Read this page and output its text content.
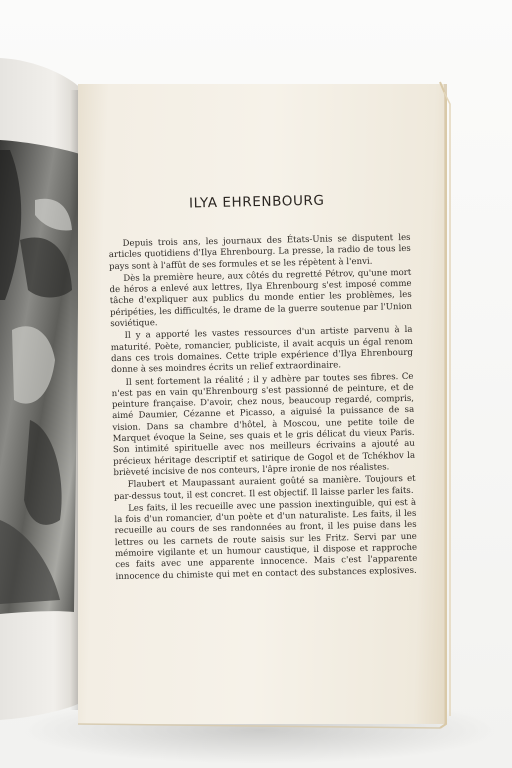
ILYA EHRENBOURG

Depuis trois ans, les journaux des États-Unis se disputent les articles quotidiens d'Ilya Ehrenbourg. La presse, la radio de tous les pays sont à l'affût de ses formules et se les répètent à l'envi.

Dès la première heure, aux côtés du regretté Pétrov, qu'une mort de héros a enlevé aux lettres, Ilya Ehrenbourg s'est imposé comme tâche d'expliquer aux publics du monde entier les problèmes, les péripéties, les difficultés, le drame de la guerre soutenue par l'Union soviétique.

Il y a apporté les vastes ressources d'un artiste parvenu à la maturité. Poète, romancier, publiciste, il avait acquis un égal renom dans ces trois domaines. Cette triple expérience d'Ilya Ehrenbourg donne à ses moindres écrits un relief extraordinaire.

Il sent fortement la réalité ; il y adhère par toutes ses fibres. Ce n'est pas en vain qu'Ehrenbourg s'est passionné de peinture, et de peinture française. D'avoir, chez nous, beaucoup regardé, compris, aimé Daumier, Cézanne et Picasso, a aiguisé la puissance de sa vision. Dans sa chambre d'hôtel, à Moscou, une petite toile de Marquet évoque la Seine, ses quais et le gris délicat du vieux Paris. Son intimité spirituelle avec nos meilleurs écrivains a ajouté au précieux héritage descriptif et satirique de Gogol et de Tchékhov la brièveté incisive de nos conteurs, l'âpre ironie de nos réalistes.

Flaubert et Maupassant auraient goûté sa manière. Toujours et par-dessus tout, il est concret. Il est objectif. Il laisse parler les faits.

Les faits, il les recueille avec une passion inextinguible, qui est à la fois d'un romancier, d'un poète et d'un naturaliste. Les faits, il les recueille au cours de ses randonnées au front, il les puise dans les lettres ou les carnets de route saisis sur les Fritz. Servi par une mémoire vigilante et un humour caustique, il dispose et rapproche ces faits avec une apparente innocence. Mais c'est l'apparente innocence du chimiste qui met en contact des substances explosives.
